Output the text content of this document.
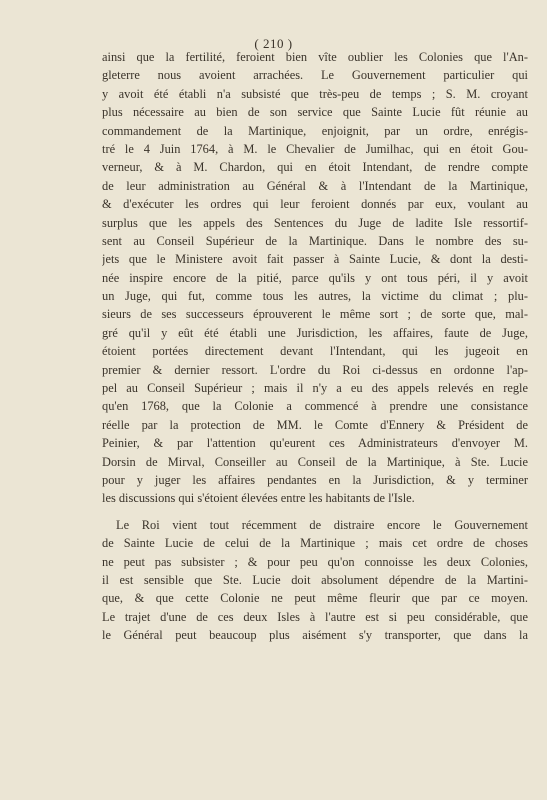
( 210 )
ainsi que la fertilité, feroient bien vîte oublier les Colonies que l'An-
gleterre nous avoient arrachées. Le Gouvernement particulier qui
y avoit été établi n'a subsisté que très-peu de temps ; S. M. croyant
plus nécessaire au bien de son service que Sainte Lucie fût réunie au
commandement de la Martinique, enjoignit, par un ordre, enrégis-
tré le 4 Juin 1764, à M. le Chevalier de Jumilhac, qui en étoit Gou-
verneur, & à M. Chardon, qui en étoit Intendant, de rendre compte
de leur administration au Général & à l'Intendant de la Martinique,
& d'exécuter les ordres qui leur feroient donnés par eux, voulant au
surplus que les appels des Sentences du Juge de ladite Isle ressortif-
sent au Conseil Supérieur de la Martinique. Dans le nombre des su-
jets que le Ministere avoit fait passer à Sainte Lucie, & dont la desti-
née inspire encore de la pitié, parce qu'ils y ont tous péri, il y avoit
un Juge, qui fut, comme tous les autres, la victime du climat ; plu-
sieurs de ses successeurs éprouverent le même sort ; de sorte que, mal-
gré qu'il y eût été établi une Jurisdiction, les affaires, faute de Juge,
étoient portées directement devant l'Intendant, qui les jugeoit en
premier & dernier ressort. L'ordre du Roi ci-dessus en ordonne l'ap-
pel au Conseil Supérieur ; mais il n'y a eu des appels relevés en regle
qu'en 1768, que la Colonie a commencé à prendre une consistance
réelle par la protection de MM. le Comte d'Ennery & Président de
Peinier, & par l'attention qu'eurent ces Administrateurs d'envoyer M.
Dorsin de Mirval, Conseiller au Conseil de la Martinique, à Ste. Lucie
pour y juger les affaires pendantes en la Jurisdiction, & y terminer
les discussions qui s'étoient élevées entre les habitants de l'Isle.
Le Roi vient tout récemment de distraire encore le Gouvernement
de Sainte Lucie de celui de la Martinique ; mais cet ordre de choses
ne peut pas subsister ; & pour peu qu'on connoisse les deux Colonies,
il est sensible que Ste. Lucie doit absolument dépendre de la Martini-
que, & que cette Colonie ne peut même fleurir que par ce moyen.
Le trajet d'une de ces deux Isles à l'autre est si peu considérable, que
le Général peut beaucoup plus aisément s'y transporter, que dans la
